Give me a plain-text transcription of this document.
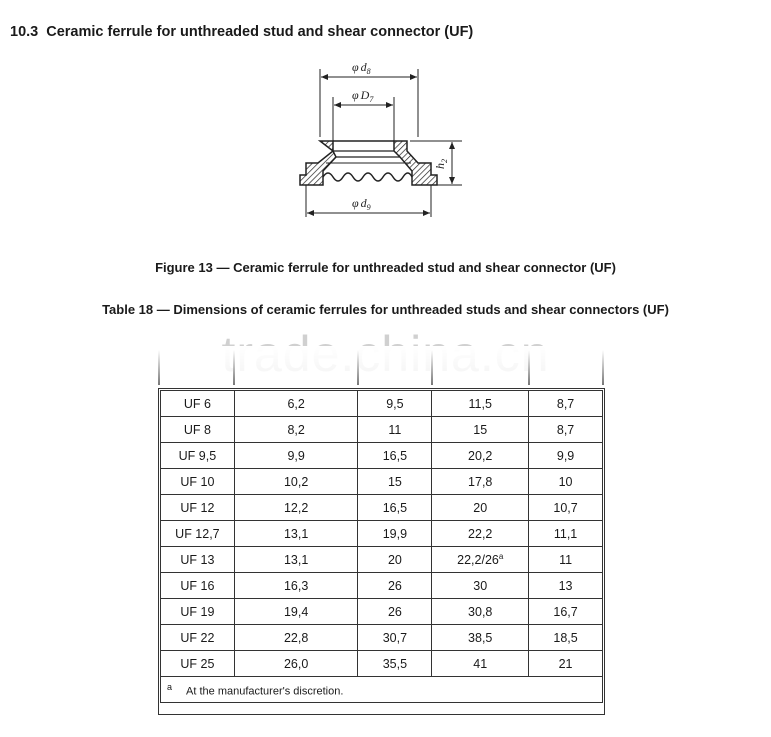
10.3 Ceramic ferrule for unthreaded stud and shear connector (UF)
φ $d_8$
φ $D_7$
φ $d_9$
$h_2$
Figure 13 — Ceramic ferrule for unthreaded stud and shear connector (UF)
Table 18 — Dimensions of ceramic ferrules for unthreaded studs and shear connectors (UF)
UF 6	6,2	9,5	11,5	8,7
UF 8	8,2	11	15	8,7
UF 9,5	9,9	16,5	20,2	9,9
UF 10	10,2	15	17,8	10
UF 12	12,2	16,5	20	10,7
UF 12,7	13,1	19,9	22,2	11,1
UF 13	13,1	20	22,2/26$^a$	11
UF 16	16,3	26	30	13
UF 19	19,4	26	30,8	16,7
UF 22	22,8	30,7	38,5	18,5
UF 25	26,0	35,5	41	21
$^a$ At the manufacturer's discretion.				
